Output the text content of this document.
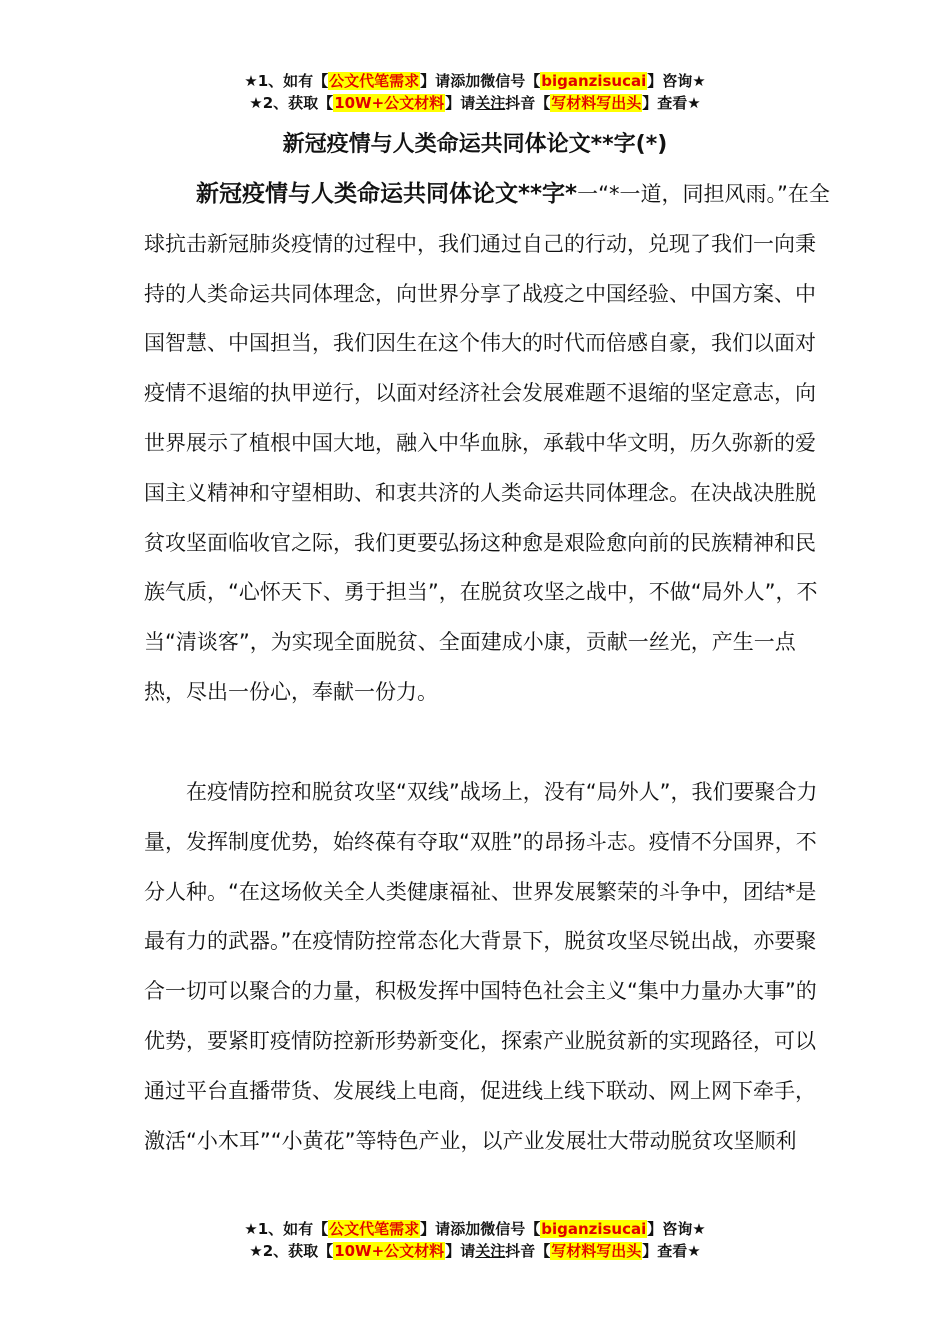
★1、如有【公文代笔需求】请添加微信号【biganzisucai】咨询★
★2、获取【10W+公文材料】请关注抖音【写材料写出头】查看★
新冠疫情与人类命运共同体论文**字(*)

新冠疫情与人类命运共同体论文**字*一“*一道，同担风雨。”在全球抗击新冠肺炎疫情的过程中，我们通过自己的行动，兑现了我们一向秉持的人类命运共同体理念，向世界分享了战疫之中国经验、中国方案、中国智慧、中国担当，我们因生在这个伟大的时代而倍感自豪，我们以面对疫情不退缩的执甲逆行，以面对经济社会发展难题不退缩的坚定意志，向世界展示了植根中国大地，融入中华血脉，承载中华文明，历久弥新的爱国主义精神和守望相助、和衷共济的人类命运共同体理念。在决战决胜脱贫攻坚面临收官之际，我们更要弘扬这种愈是艰险愈向前的民族精神和民族气质，“心怀天下、勇于担当”，在脱贫攻坚之战中，不做“局外人”，不当“清谈客”，为实现全面脱贫、全面建成小康，贡献一丝光，产生一点热，尽出一份心，奉献一份力。

在疫情防控和脱贫攻坚“双线”战场上，没有“局外人”，我们要聚合力量，发挥制度优势，始终葆有夺取“双胜”的昂扬斗志。疫情不分国界，不分人种。“在这场攸关全人类健康福祉、世界发展繁荣的斗争中，团结*是最有力的武器。”在疫情防控常态化大背景下，脱贫攻坚尽锐出战，亦要聚合一切可以聚合的力量，积极发挥中国特色社会主义“集中力量办大事”的优势，要紧盯疫情防控新形势新变化，探索产业脱贫新的实现路径，可以通过平台直播带货、发展线上电商，促进线上线下联动、网上网下牵手，激活“小木耳”“小黄花”等特色产业，以产业发展壮大带动脱贫攻坚顺利

★1、如有【公文代笔需求】请添加微信号【biganzisucai】咨询★
★2、获取【10W+公文材料】请关注抖音【写材料写出头】查看★
